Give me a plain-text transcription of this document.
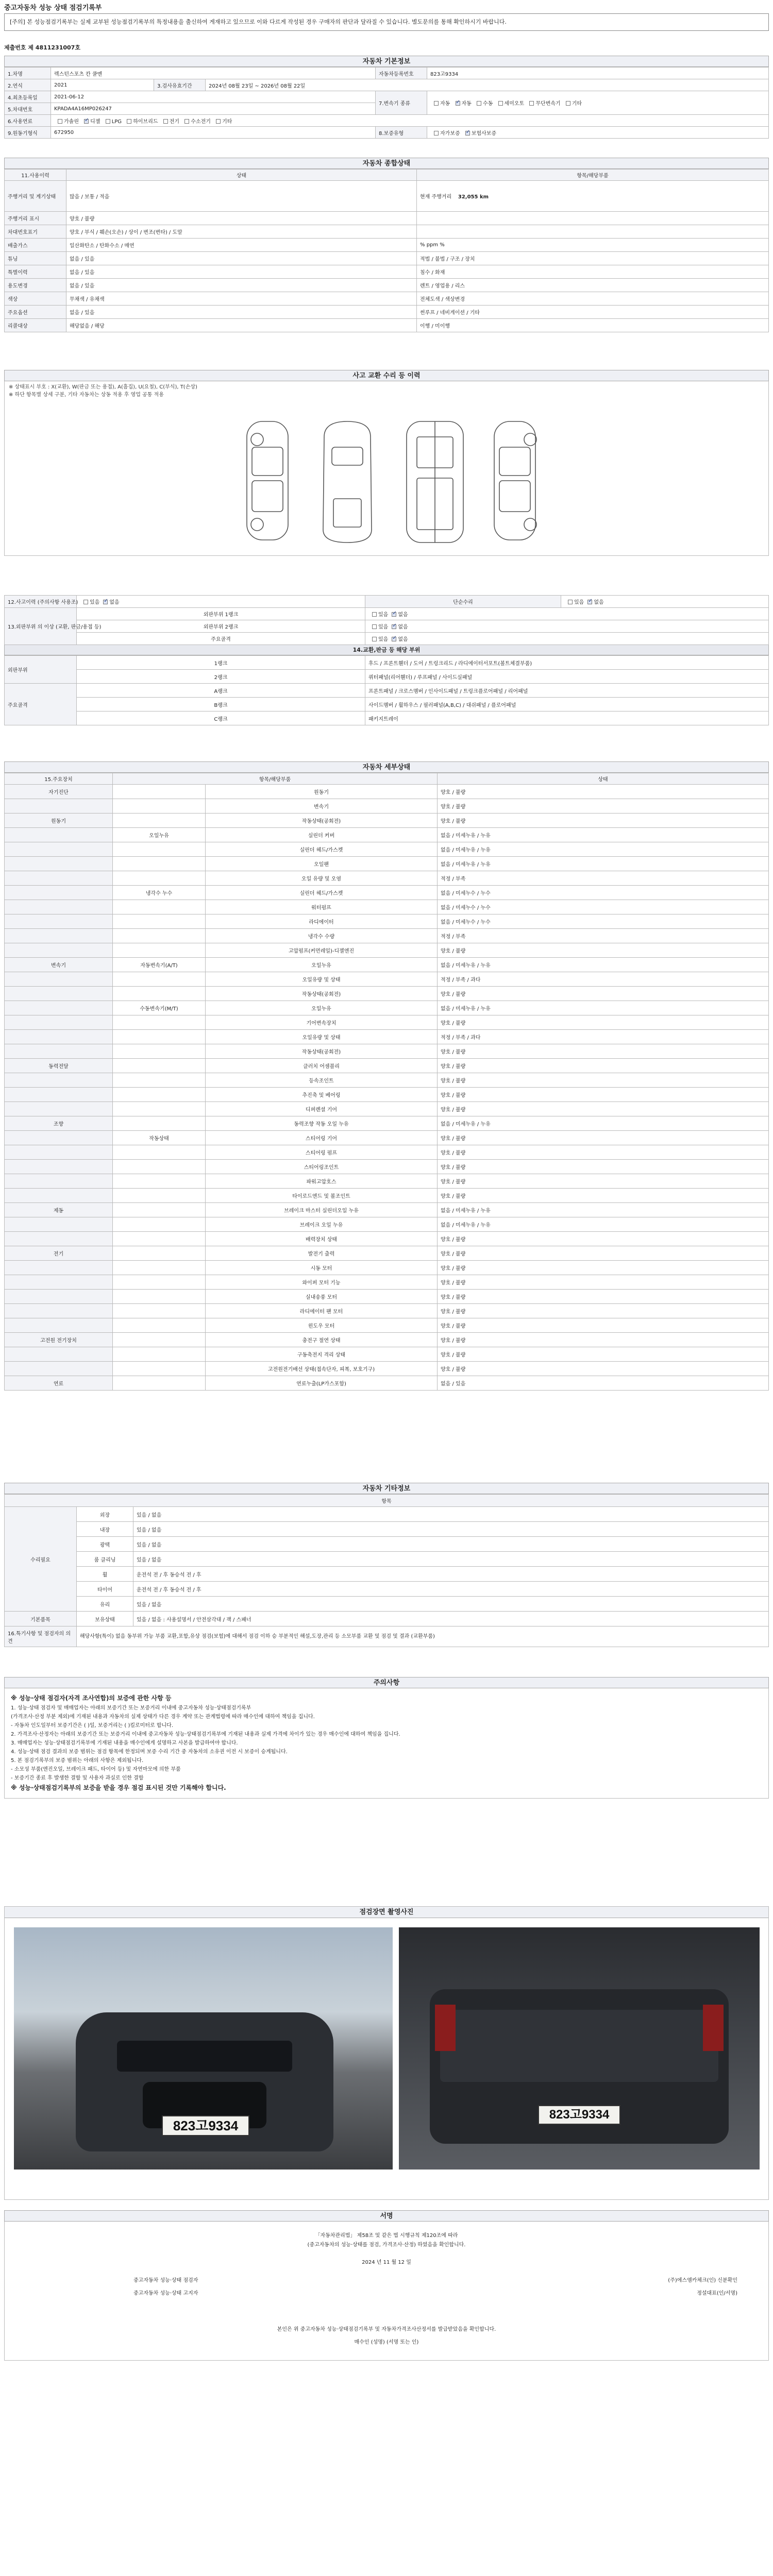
중고자동차 성능 상태 점검기록부
[주의] 본 성능점검기록부는 실제 교부된 성능점검기록부의 특정내용을 출신하여 게재하고 있으므로 이와 다르게 작성된 경우 구매자의 판단과 달라질 수 있습니다. 별도문의를 통해 확인하시기 바랍니다.
제출번호 제 4811231007호
자동차 기본정보
1.차명	렉스턴스포츠 칸 쿨멘			자동차등록번호	823고9334
2.연식	2021	3.검사유효기간	2024년 08월 23일 ~ 2026년 08월 22일		
4.최초등록일	2021-06-12			7.변속기 종류	자동 ✓ 자동 수동 세미오토 무단변속기 기타
5.차대번호	KPADA4A16MP026247				
6.사용연료	가솔린 ✓ 디젤 LPG 하이브리드 전기 수소전기 기타
9.원동기형식	672950			8.보증유형	자가보증 ✓ 보험사보증
자동차 종합상태
11.사용이력	상태	항목/해당부품
주행거리 및 계기상태	많음 / 보통 / 적음	현재 주행거리 32,055 km
주행거리 표시	양호 / 불량	
차대번호표기	양호 / 부식 / 훼손(오손) / 상이 / 변조(변타) / 도말	
배출가스	일산화탄소 / 탄화수소 / 매연	% ppm %
튜닝	없음 / 있음	적법 / 불법 / 구조 / 장치
특별이력	없음 / 있음	침수 / 화재
용도변경	없음 / 있음	렌트 / 영업용 / 리스
색상	무채색 / 유채색	전체도색 / 색상변경
주요옵션	없음 / 있음	썬루프 / 네비게이션 / 기타
리콜대상	해당없음 / 해당	이행 / 미이행
사고 교환 수리 등 이력
※ 상태표시 부호 : X(교환), W(판금 또는 용접), A(흠집), U(요철), C(부식), T(손상)
※ 하단 항목별 상세 구분, 기타 자동차는 상동 적용 후 영업 공통 적용
12.사고이력 (주의사항 사용조)	있음 ✓ 없음	단순수리	있음 ✓ 없음
13.외판부위 의 이상 (교환, 판금/용접 등)	외판부위 1랭크	있음 ✓ 없음
	외판부위 2랭크	있음 ✓ 없음
	주요골격	있음 ✓ 없음
14.교환,판금 등 해당 부위
외판부위	1랭크	후드 / 프론트휀더 / 도어 / 트렁크리드 / 라디에이터서포트(볼트체결부품)
	2랭크	쿼터패널(리어휀더) / 루프패널 / 사이드실패널
주요골격	A랭크	프론트패널 / 크로스멤버 / 인사이드패널 / 트렁크플로어패널 / 리어패널
	B랭크	사이드멤버 / 휠하우스 / 필러패널(A,B,C) / 대쉬패널 / 플로어패널
	C랭크	패키지트레이
자동차 세부상태
15.주요장치	항목/해당부품		상태
자기진단		원동기	양호 / 불량
		변속기	양호 / 불량
원동기		작동상태(공회전)	양호 / 불량
	오일누유	실린더 커버	없음 / 미세누유 / 누유
		실린더 헤드/가스켓	없음 / 미세누유 / 누유
		오일팬	없음 / 미세누유 / 누유
		오일 유량 및 오염	적정 / 부족
	냉각수 누수	실린더 헤드/가스켓	없음 / 미세누수 / 누수
		워터펌프	없음 / 미세누수 / 누수
		라디에이터	없음 / 미세누수 / 누수
		냉각수 수량	적정 / 부족
		고압펌프(커먼레일)-디젤엔진	양호 / 불량
변속기	자동변속기(A/T)	오일누유	없음 / 미세누유 / 누유
		오일유량 및 상태	적정 / 부족 / 과다
		작동상태(공회전)	양호 / 불량
	수동변속기(M/T)	오일누유	없음 / 미세누유 / 누유
		기어변속장치	양호 / 불량
		오일유량 및 상태	적정 / 부족 / 과다
		작동상태(공회전)	양호 / 불량
동력전달		클러치 어셈블리	양호 / 불량
		등속조인트	양호 / 불량
		추진축 및 베어링	양호 / 불량
		디퍼렌셜 기어	양호 / 불량
조향		동력조향 작동 오일 누유	없음 / 미세누유 / 누유
	작동상태	스티어링 기어	양호 / 불량
		스티어링 펌프	양호 / 불량
		스티어링조인트	양호 / 불량
		파워고압호스	양호 / 불량
		타이로드엔드 및 볼조인트	양호 / 불량
제동		브레이크 마스터 실린더오일 누유	없음 / 미세누유 / 누유
		브레이크 오일 누유	없음 / 미세누유 / 누유
		배력장치 상태	양호 / 불량
전기		발전기 출력	양호 / 불량
		시동 모터	양호 / 불량
		와이퍼 모터 기능	양호 / 불량
		실내송풍 모터	양호 / 불량
		라디에이터 팬 모터	양호 / 불량
		윈도우 모터	양호 / 불량
고전원 전기장치		충전구 절연 상태	양호 / 불량
		구동축전지 격리 상태	양호 / 불량
		고전원전기배선 상태(접속단자, 피복, 보호기구)	양호 / 불량
연료		연료누출(LP가스포함)	없음 / 있음
자동차 기타정보
항목		
수리필요	외장	있음 / 없음
	내장	있음 / 없음
	광택	있음 / 없음
	룸 클리닝	있음 / 없음
	휠	운전석 전 / 후 동승석 전 / 후
	타이어	운전석 전 / 후 동승석 전 / 후
	유리	있음 / 없음
기본품목	보유상태	있음 / 없음 : 사용설명서 / 안전삼각대 / 잭 / 스패너
16.특기사항 및 점검자의 의견	해당사항(특이) 없음 동부위 가능 부품 교환,포함,유상 점검(보험)에 대해서 점검 이하 승 부분적인 해설,도장,관리 등 소모부품 교환 및 점검 및 결과 (교환부품)	
주의사항

※ 성능·상태 점검자(자격 조사연합)의 보증에 관한 사항 등

1. 성능·상태 점검자 및 매매업자는 아래의 보증기간 또는 보증거리 이내에 중고자동차 성능·상태점검기록부

(가격조사·산정 부분 제외)에 기재된 내용과 자동차의 실제 상태가 다른 경우 계약 또는 관계법령에 따라 매수인에 대하여 책임을 집니다.

- 자동차 인도일부터 보증기간은 ( )일, 보증거리는 ( )킬로미터로 합니다.

2. 가격조사·산정자는 아래의 보증기간 또는 보증거리 이내에 중고자동차 성능·상태점검기록부에 기재된 내용과 실제 가격에 차이가 있는 경우 매수인에 대하여 책임을 집니다.

3. 매매업자는 성능·상태점검기록부에 기재된 내용을 매수인에게 설명하고 사본을 발급하여야 합니다.

4. 성능·상태 점검 결과의 보증 범위는 점검 항목에 한정되며 보증 수리 기간 중 자동차의 소유권 이전 시 보증이 승계됩니다.

5. 본 점검기록부의 보증 범위는 아래의 사항은 제외됩니다.

- 소모성 부품(엔진오일, 브레이크 패드, 타이어 등) 및 자연마모에 의한 부품

- 보증기간 종료 후 발생한 결함 및 사용자 과실로 인한 결함

※ 성능·상태점검기록부의 보증을 받을 경우 점검 표시된 것만 기록해야 합니다.

점검장면 촬영사진
823고9334
823고9334
서명
「자동차관리법」 제58조 및 같은 법 시행규칙 제120조에 따라
(중고자동차의 성능·상태를 점검, 가격조사·산정) 하였음을 확인합니다.
2024 년 11 월 12 일
중고자동차 성능·상태 점검자	(주)에스엠카체크(인) 신분확인
중고자동차 성능·상태 고지자	정설대표(인/서명)
본인은 위 중고자동차 성능·상태점검기록부 및 자동차가격조사산정서를 발급받았음을 확인합니다.
매수인 (성명) (서명 또는 인)
